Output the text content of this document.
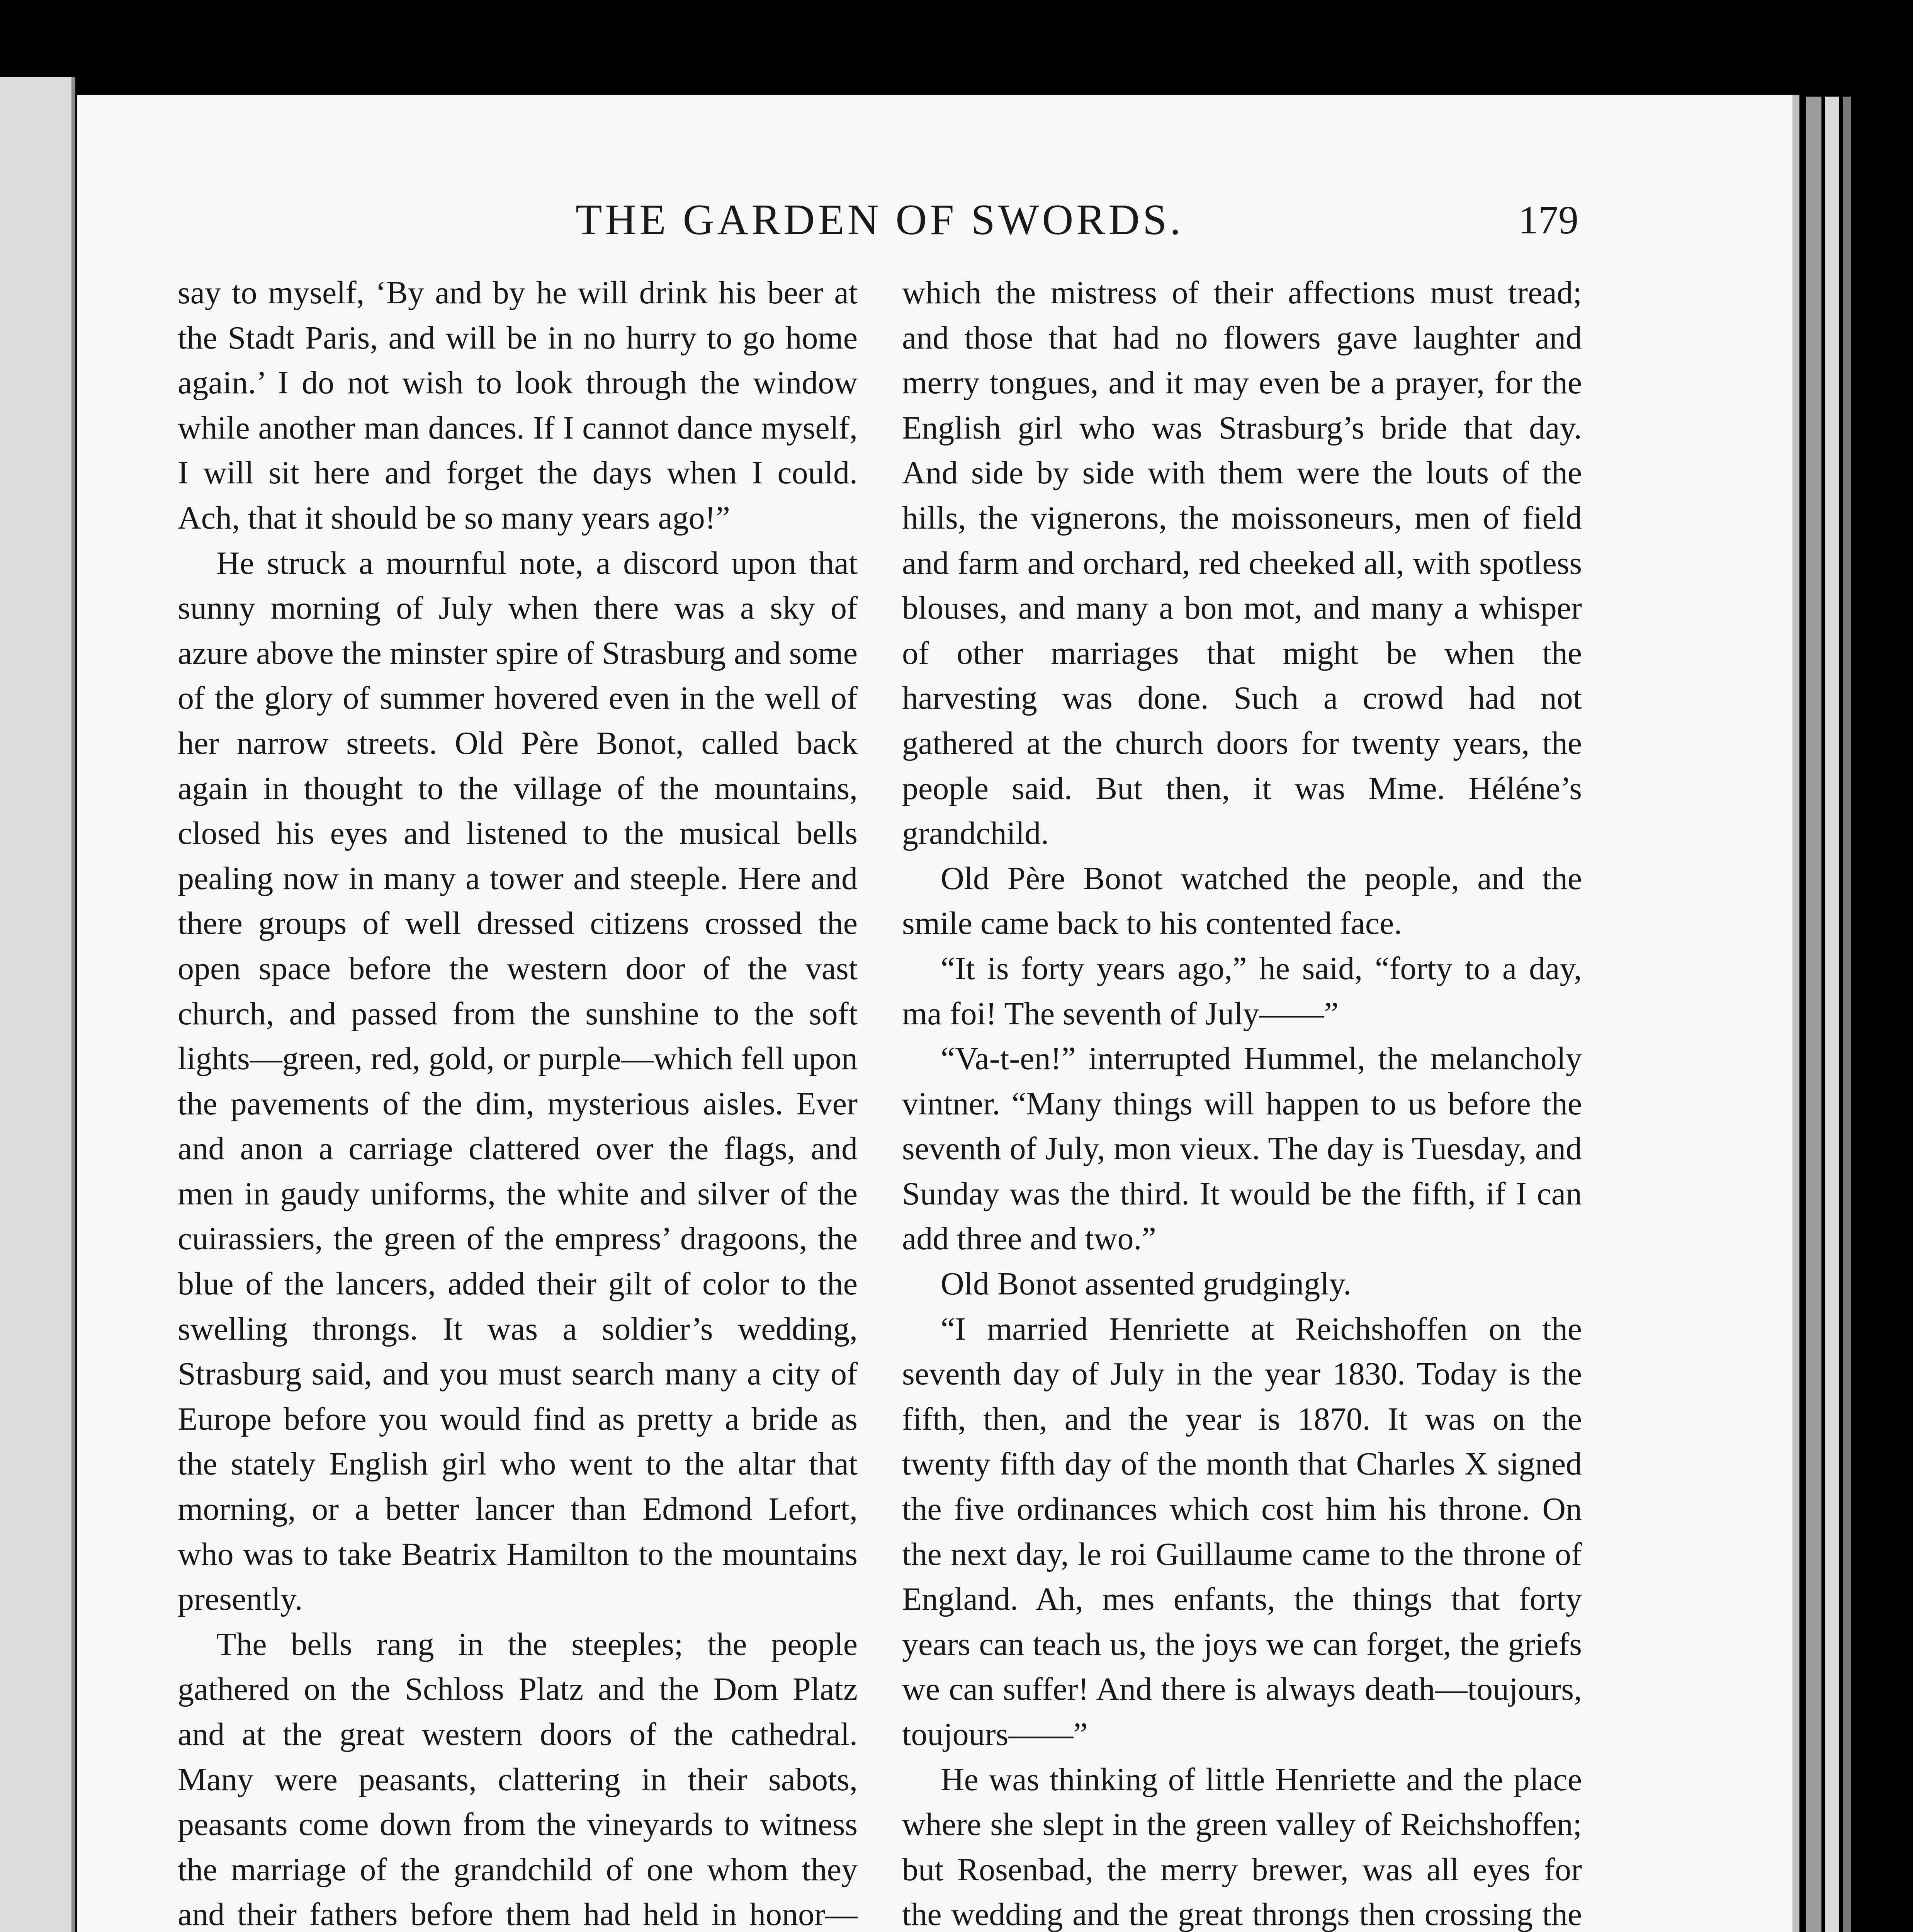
THE GARDEN OF SWORDS.	179

say to myself, ‘By and by he will drink his beer at the Stadt Paris, and will be in no hurry to go home again.’ I do not wish to look through the window while another man dances. If I cannot dance myself, I will sit here and forget the days when I could. Ach, that it should be so many years ago!”

He struck a mournful note, a discord upon that sunny morning of July when there was a sky of azure above the minster spire of Strasburg and some of the glory of summer hovered even in the well of her narrow streets. Old Père Bonot, called back again in thought to the village of the mountains, closed his eyes and listened to the musical bells pealing now in many a tower and steeple. Here and there groups of well dressed citizens crossed the open space before the western door of the vast church, and passed from the sunshine to the soft lights—green, red, gold, or purple—which fell upon the pavements of the dim, mysterious aisles. Ever and anon a carriage clattered over the flags, and men in gaudy uniforms, the white and silver of the cuirassiers, the green of the empress’ dragoons, the blue of the lancers, added their gilt of color to the swelling throngs. It was a soldier’s wedding, Strasburg said, and you must search many a city of Europe before you would find as pretty a bride as the stately English girl who went to the altar that morning, or a better lancer than Edmond Lefort, who was to take Beatrix Hamilton to the mountains presently.

The bells rang in the steeples; the people gathered on the Schloss Platz and the Dom Platz and at the great western doors of the cathedral. Many were peasants, clattering in their sabots, peasants come down from the vineyards to witness the marriage of the grandchild of one whom they and their fathers before them had held in honor—

which the mistress of their affections must tread; and those that had no flowers gave laughter and merry tongues, and it may even be a prayer, for the English girl who was Strasburg’s bride that day. And side by side with them were the louts of the hills, the vignerons, the moissoneurs, men of field and farm and orchard, red cheeked all, with spotless blouses, and many a bon mot, and many a whisper of other marriages that might be when the harvesting was done. Such a crowd had not gathered at the church doors for twenty years, the people said. But then, it was Mme. Héléne’s grandchild.

Old Père Bonot watched the people, and the smile came back to his contented face.

“It is forty years ago,” he said, “forty to a day, ma foi! The seventh of July——”

“Va-t-en!” interrupted Hummel, the melancholy vintner. “Many things will happen to us before the seventh of July, mon vieux. The day is Tuesday, and Sunday was the third. It would be the fifth, if I can add three and two.”

Old Bonot assented grudgingly.

“I married Henriette at Reichshoffen on the seventh day of July in the year 1830. Today is the fifth, then, and the year is 1870. It was on the twenty fifth day of the month that Charles X signed the five ordinances which cost him his throne. On the next day, le roi Guillaume came to the throne of England. Ah, mes enfants, the things that forty years can teach us, the joys we can forget, the griefs we can suffer! And there is always death—toujours, toujours——”

He was thinking of little Henriette and the place where she slept in the green valley of Reichshoffen; but Rosenbad, the merry brewer, was all eyes for the wedding and the great throngs then crossing the
